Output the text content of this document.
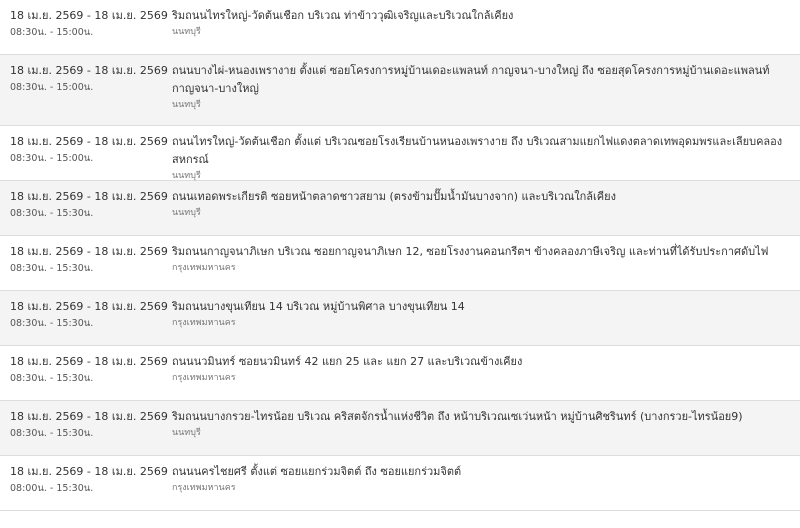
18 เม.ย. 2569 - 18 เม.ย. 2569
08:30น. - 15:00น.
ริมถนนไทรใหญ่-วัดต้นเชือก บริเวณ ท่าข้าววุฒิเจริญและบริเวณใกล้เคียง
นนทบุรี
18 เม.ย. 2569 - 18 เม.ย. 2569
08:30น. - 15:00น.
ถนนบางไผ่-หนองเพรางาย ตั้งแต่ ซอยโครงการหมู่บ้านเดอะแพลนท์ กาญจนา-บางใหญ่ ถึง ซอยสุดโครงการหมู่บ้านเดอะแพลนท์ กาญจนา-บางใหญ่
นนทบุรี
18 เม.ย. 2569 - 18 เม.ย. 2569
08:30น. - 15:00น.
ถนนไทรใหญ่-วัดต้นเชือก ตั้งแต่ บริเวณซอยโรงเรียนบ้านหนองเพรางาย ถึง บริเวณสามแยกไฟแดงตลาดเทพอุดมพรและเลียบคลองสหกรณ์
นนทบุรี
18 เม.ย. 2569 - 18 เม.ย. 2569
08:30น. - 15:30น.
ถนนเทอดพระเกียรติ ซอยหน้าตลาดชาวสยาม (ตรงข้ามปั๊มน้ำมันบางจาก) และบริเวณใกล้เคียง
นนทบุรี
18 เม.ย. 2569 - 18 เม.ย. 2569
08:30น. - 15:30น.
ริมถนนกาญจนาภิเษก บริเวณ ซอยกาญจนาภิเษก 12, ซอยโรงงานคอนกรีตฯ ข้างคลองภาษีเจริญ และท่านที่ได้รับประกาศดับไฟ
กรุงเทพมหานคร
18 เม.ย. 2569 - 18 เม.ย. 2569
08:30น. - 15:30น.
ริมถนนบางขุนเทียน 14 บริเวณ หมู่บ้านพิศาล บางขุนเทียน 14
กรุงเทพมหานคร
18 เม.ย. 2569 - 18 เม.ย. 2569
08:30น. - 15:30น.
ถนนนวมินทร์ ซอยนวมินทร์ 42 แยก 25 และ แยก 27 และบริเวณข้างเคียง
กรุงเทพมหานคร
18 เม.ย. 2569 - 18 เม.ย. 2569
08:30น. - 15:30น.
ริมถนนบางกรวย-ไทรน้อย บริเวณ คริสตจักรน้ำแห่งชีวิต ถึง หน้าบริเวณเซเว่นหน้า หมู่บ้านศิชรินทร์ (บางกรวย-ไทรน้อย9)
นนทบุรี
18 เม.ย. 2569 - 18 เม.ย. 2569
08:00น. - 15:30น.
ถนนนครไชยศรี ตั้งแต่ ซอยแยกร่วมจิตต์ ถึง ซอยแยกร่วมจิตต์
กรุงเทพมหานคร
